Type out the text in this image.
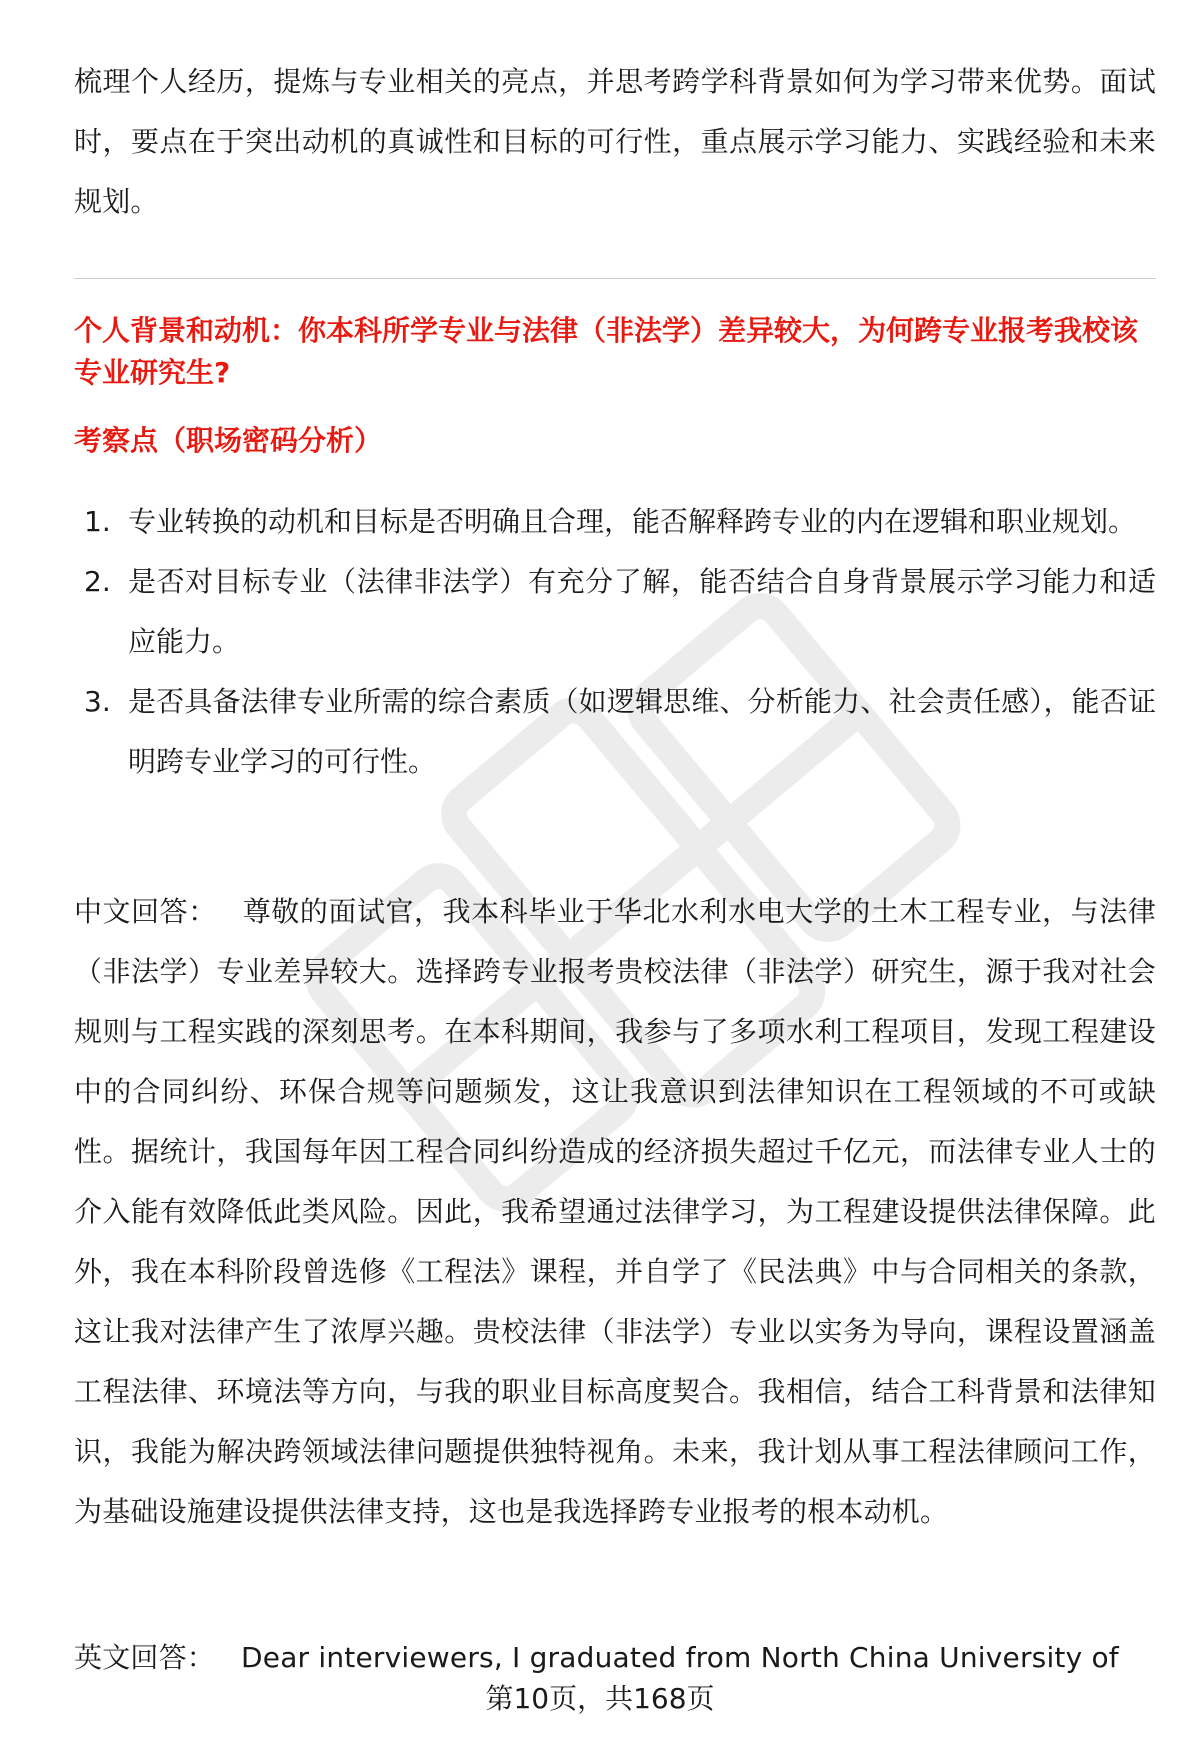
梳理个人经历，提炼与专业相关的亮点，并思考跨学科背景如何为学习带来优势。面试时，要点在于突出动机的真诚性和目标的可行性，重点展示学习能力、实践经验和未来规划。

个人背景和动机：你本科所学专业与法律（非法学）差异较大，为何跨专业报考我校该专业研究生?

考察点（职场密码分析）

1. 专业转换的动机和目标是否明确且合理，能否解释跨专业的内在逻辑和职业规划。
2. 是否对目标专业（法律非法学）有充分了解，能否结合自身背景展示学习能力和适应能力。
3. 是否具备法律专业所需的综合素质（如逻辑思维、分析能力、社会责任感），能否证明跨专业学习的可行性。

中文回答： 尊敬的面试官，我本科毕业于华北水利水电大学的土木工程专业，与法律（非法学）专业差异较大。选择跨专业报考贵校法律（非法学）研究生，源于我对社会规则与工程实践的深刻思考。在本科期间，我参与了多项水利工程项目，发现工程建设中的合同纠纷、环保合规等问题频发，这让我意识到法律知识在工程领域的不可或缺性。据统计，我国每年因工程合同纠纷造成的经济损失超过千亿元，而法律专业人士的介入能有效降低此类风险。因此，我希望通过法律学习，为工程建设提供法律保障。此外，我在本科阶段曾选修《工程法》课程，并自学了《民法典》中与合同相关的条款，这让我对法律产生了浓厚兴趣。贵校法律（非法学）专业以实务为导向，课程设置涵盖工程法律、环境法等方向，与我的职业目标高度契合。我相信，结合工科背景和法律知识，我能为解决跨领域法律问题提供独特视角。未来，我计划从事工程法律顾问工作，为基础设施建设提供法律支持，这也是我选择跨专业报考的根本动机。

英文回答： Dear interviewers, I graduated from North China University of

第10页，共168页
